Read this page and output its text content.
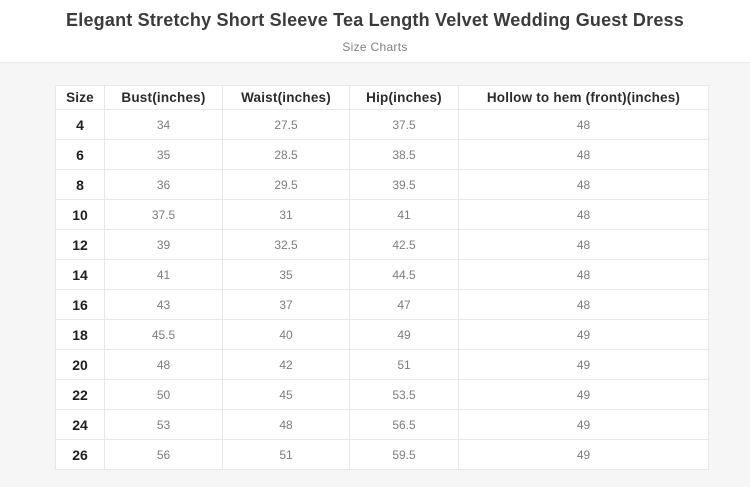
Elegant Stretchy Short Sleeve Tea Length Velvet Wedding Guest Dress
Size Charts
Size	Bust(inches)	Waist(inches)	Hip(inches)	Hollow to hem (front)(inches)
4	34	27.5	37.5	48
6	35	28.5	38.5	48
8	36	29.5	39.5	48
10	37.5	31	41	48
12	39	32.5	42.5	48
14	41	35	44.5	48
16	43	37	47	48
18	45.5	40	49	49
20	48	42	51	49
22	50	45	53.5	49
24	53	48	56.5	49
26	56	51	59.5	49
